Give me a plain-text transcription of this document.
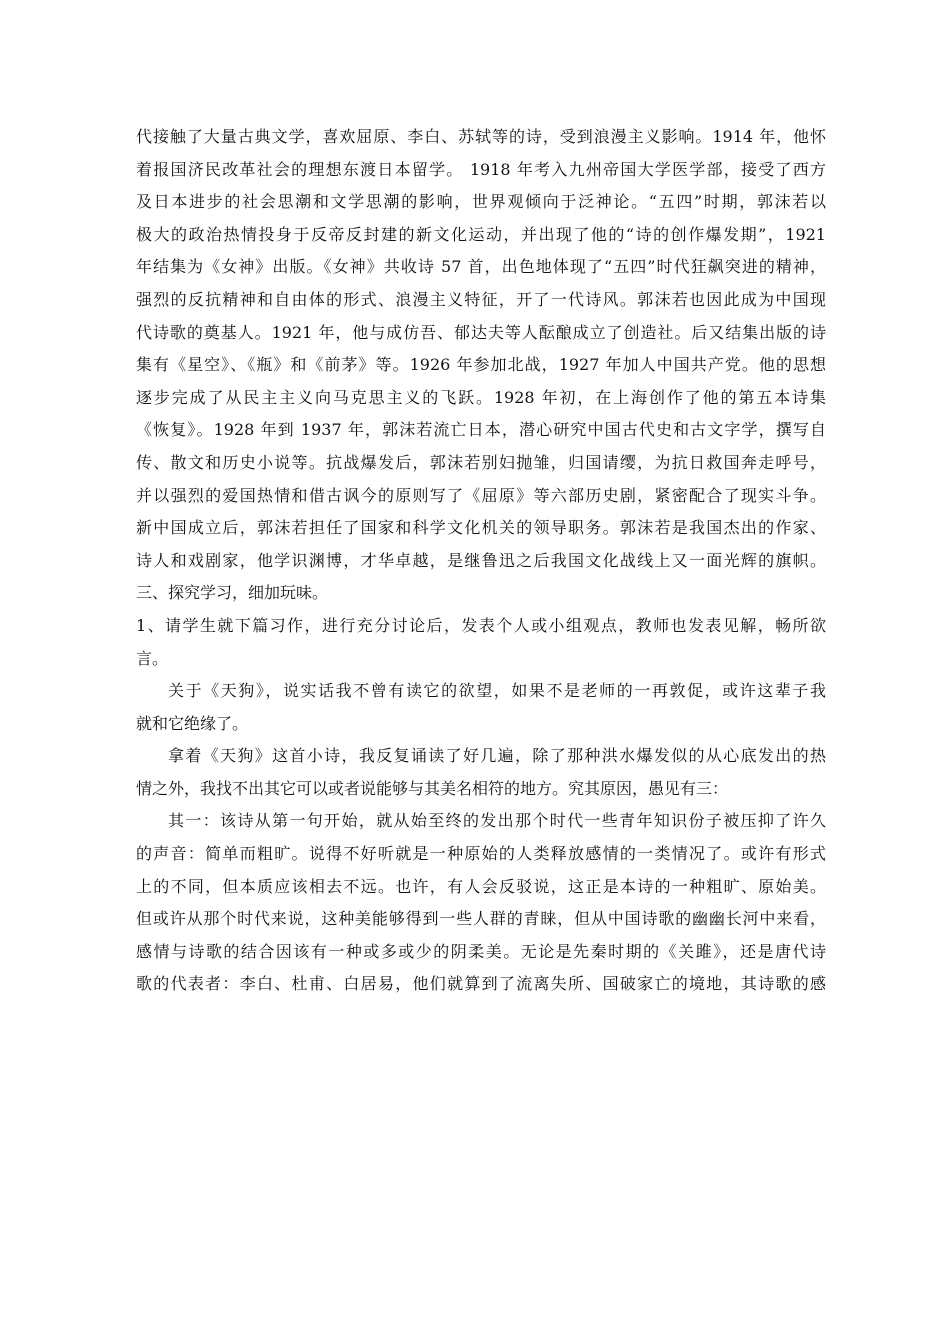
代接触了大量古典文学，喜欢屈原、李白、苏轼等的诗，受到浪漫主义影响。1914 年，他怀
着报国济民改革社会的理想东渡日本留学。 1918 年考入九州帝国大学医学部，接受了西方
及日本进步的社会思潮和文学思潮的影响，世界观倾向于泛神论。“五四”时期，郭沫若以
极大的政治热情投身于反帝反封建的新文化运动，并出现了他的“诗的创作爆发期”，1921
年结集为《女神》出版。《女神》共收诗 57 首，出色地体现了“五四”时代狂飙突进的精神，
强烈的反抗精神和自由体的形式、浪漫主义特征，开了一代诗风。郭沫若也因此成为中国现
代诗歌的奠基人。1921 年，他与成仿吾、郁达夫等人酝酿成立了创造社。后又结集出版的诗
集有《星空》、《瓶》和《前茅》等。1926 年参加北战，1927 年加人中国共产党。他的思想
逐步完成了从民主主义向马克思主义的飞跃。1928 年初，在上海创作了他的第五本诗集
《恢复》。1928 年到 1937 年，郭沫若流亡日本，潜心研究中国古代史和古文字学，撰写自
传、散文和历史小说等。抗战爆发后，郭沫若别妇抛雏，归国请缨，为抗日救国奔走呼号，
并以强烈的爱国热情和借古讽今的原则写了《屈原》等六部历史剧，紧密配合了现实斗争。
新中国成立后，郭沫若担任了国家和科学文化机关的领导职务。郭沫若是我国杰出的作家、
诗人和戏剧家，他学识渊博，才华卓越，是继鲁迅之后我国文化战线上又一面光辉的旗帜。
三、探究学习，细加玩味。
1、请学生就下篇习作，进行充分讨论后，发表个人或小组观点，教师也发表见解，畅所欲
言。
关于《天狗》，说实话我不曾有读它的欲望，如果不是老师的一再敦促，或许这辈子我
就和它绝缘了。
拿着《天狗》这首小诗，我反复诵读了好几遍，除了那种洪水爆发似的从心底发出的热
情之外，我找不出其它可以或者说能够与其美名相符的地方。究其原因，愚见有三：
其一：该诗从第一句开始，就从始至终的发出那个时代一些青年知识份子被压抑了许久
的声音：简单而粗旷。说得不好听就是一种原始的人类释放感情的一类情况了。或许有形式
上的不同，但本质应该相去不远。也许，有人会反驳说，这正是本诗的一种粗旷、原始美。
但或许从那个时代来说，这种美能够得到一些人群的青睐，但从中国诗歌的幽幽长河中来看，
感情与诗歌的结合因该有一种或多或少的阴柔美。无论是先秦时期的《关雎》，还是唐代诗
歌的代表者：李白、杜甫、白居易，他们就算到了流离失所、国破家亡的境地，其诗歌的感
